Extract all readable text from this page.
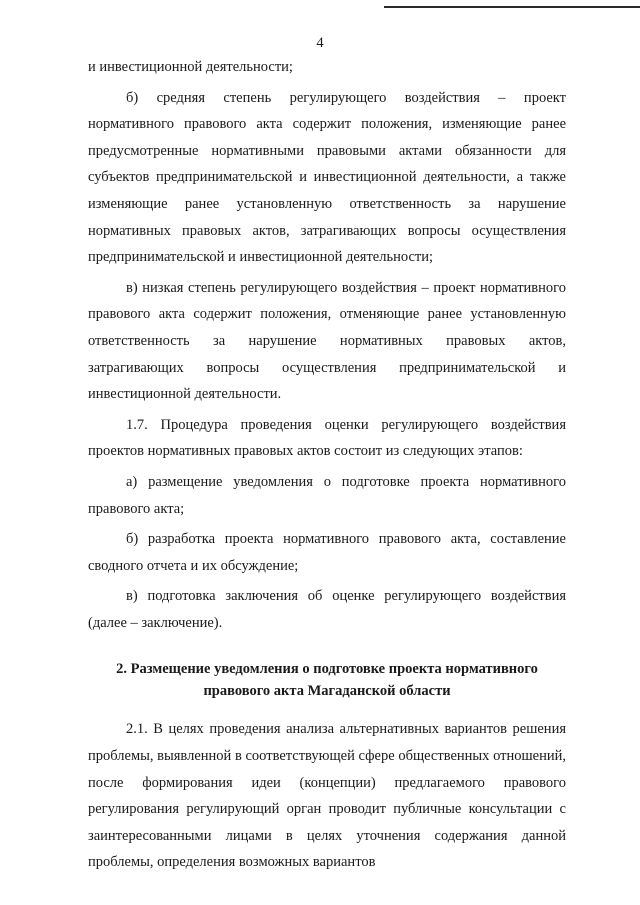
4

и инвестиционной деятельности;

б) средняя степень регулирующего воздействия – проект нормативного правового акта содержит положения, изменяющие ранее предусмотренные нормативными правовыми актами обязанности для субъектов предпринимательской и инвестиционной деятельности, а также изменяющие ранее установленную ответственность за нарушение нормативных правовых актов, затрагивающих вопросы осуществления предпринимательской и инвестиционной деятельности;

в) низкая степень регулирующего воздействия – проект нормативного правового акта содержит положения, отменяющие ранее установленную ответственность за нарушение нормативных правовых актов, затрагивающих вопросы осуществления предпринимательской и инвестиционной деятельности.

1.7. Процедура проведения оценки регулирующего воздействия проектов нормативных правовых актов состоит из следующих этапов:

а) размещение уведомления о подготовке проекта нормативного правового акта;

б) разработка проекта нормативного правового акта, составление сводного отчета и их обсуждение;

в) подготовка заключения об оценке регулирующего воздействия (далее – заключение).

2. Размещение уведомления о подготовке проекта нормативного
правового акта Магаданской области

2.1. В целях проведения анализа альтернативных вариантов решения проблемы, выявленной в соответствующей сфере общественных отношений, после формирования идеи (концепции) предлагаемого правового регулирования регулирующий орган проводит публичные консультации с заинтересованными лицами в целях уточнения содержания данной проблемы, определения возможных вариантов
